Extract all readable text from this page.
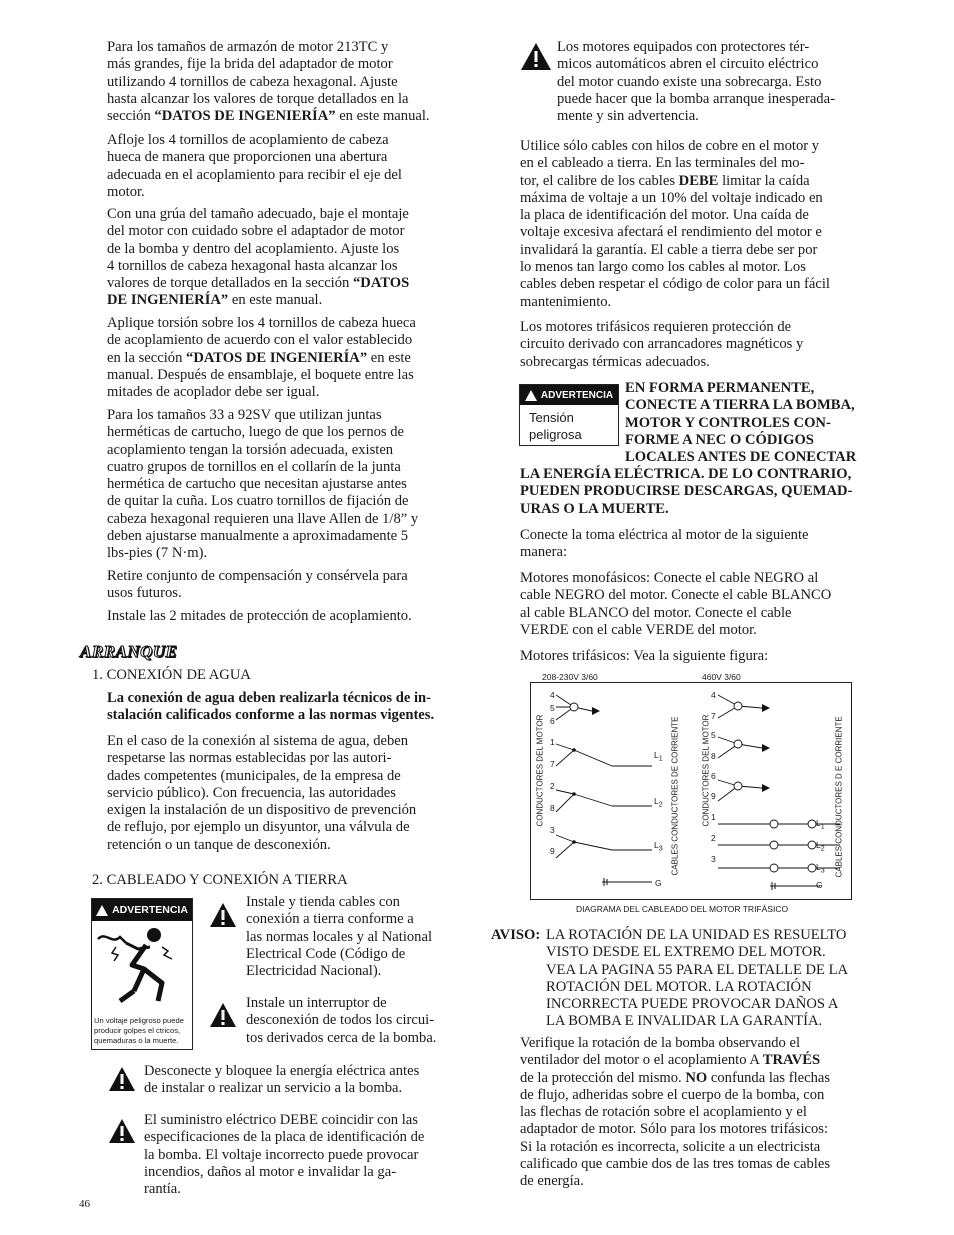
Para los tamaños de armazón de motor 213TC y
más grandes, fije la brida del adaptador de motor
utilizando 4 tornillos de cabeza hexagonal. Ajuste
hasta alcanzar los valores de torque detallados en la
sección “DATOS DE INGENIERÍA” en este manual.

Afloje los 4 tornillos de acoplamiento de cabeza
hueca de manera que proporcionen una abertura
adecuada en el acoplamiento para recibir el eje del
motor.

Con una grúa del tamaño adecuado, baje el montaje
del motor con cuidado sobre el adaptador de motor
de la bomba y dentro del acoplamiento. Ajuste los
4 tornillos de cabeza hexagonal hasta alcanzar los
valores de torque detallados en la sección “DATOS
DE INGENIERÍA” en este manual.

Aplique torsión sobre los 4 tornillos de cabeza hueca
de acoplamiento de acuerdo con el valor establecido
en la sección “DATOS DE INGENIERÍA” en este
manual. Después de ensamblaje, el boquete entre las
mitades de acoplador debe ser igual.

Para los tamaños 33 a 92SV que utilizan juntas
herméticas de cartucho, luego de que los pernos de
acoplamiento tengan la torsión adecuada, existen
cuatro grupos de tornillos en el collarín de la junta
hermética de cartucho que necesitan ajustarse antes
de quitar la cuña. Los cuatro tornillos de fijación de
cabeza hexagonal requieren una llave Allen de 1/8” y
deben ajustarse manualmente a aproximadamente 5
lbs-pies (7 N·m).

Retire conjunto de compensación y consérvela para
usos futuros.

Instale las 2 mitades de protección de acoplamiento.

ARRANQUE

1. CONEXIÓN DE AGUA

La conexión de agua deben realizarla técnicos de in-
stalación calificados conforme a las normas vigentes.

En el caso de la conexión al sistema de agua, deben
respetarse las normas establecidas por las autori-
dades competentes (municipales, de la empresa de
servicio público). Con frecuencia, las autoridades
exigen la instalación de un dispositivo de prevención
de reflujo, por ejemplo un disyuntor, una válvula de
retención o un tanque de desconexión.

2. CABLEADO Y CONEXIÓN A TIERRA

ADVERTENCIA
Un voltaje peligroso puede
producir golpes el ctricos,
quemaduras o la muerte.

Instale y tienda cables con
conexión a tierra conforme a
las normas locales y al National
Electrical Code (Código de
Electricidad Nacional).

Instale un interruptor de
desconexión de todos los circui-
tos derivados cerca de la bomba.

Desconecte y bloquee la energía eléctrica antes
de instalar o realizar un servicio a la bomba.

El suministro eléctrico DEBE coincidir con las
especificaciones de la placa de identificación de
la bomba. El voltaje incorrecto puede provocar
incendios, daños al motor e invalidar la ga-
rantía.

46

Los motores equipados con protectores tér-
micos automáticos abren el circuito eléctrico
del motor cuando existe una sobrecarga. Esto
puede hacer que la bomba arranque inesperada-
mente y sin advertencia.

Utilice sólo cables con hilos de cobre en el motor y
en el cableado a tierra. En las terminales del mo-
tor, el calibre de los cables DEBE limitar la caída
máxima de voltaje a un 10% del voltaje indicado en
la placa de identificación del motor. Una caída de
voltaje excesiva afectará el rendimiento del motor e
invalidará la garantía. El cable a tierra debe ser por
lo menos tan largo como los cables al motor. Los
cables deben respetar el código de color para un fácil
mantenimiento.

Los motores trifásicos requieren protección de
circuito derivado con arrancadores magnéticos y
sobrecargas térmicas adecuados.

ADVERTENCIA
Tensión
peligrosa

EN FORMA PERMANENTE,
CONECTE A TIERRA LA BOMBA,
MOTOR Y CONTROLES CON-
FORME A NEC O CÓDIGOS
LOCALES ANTES DE CONECTAR

LA ENERGÍA ELÉCTRICA. DE LO CONTRARIO,
PUEDEN PRODUCIRSE DESCARGAS, QUEMAD-
URAS O LA MUERTE.

Conecte la toma eléctrica al motor de la siguiente
manera:

Motores monofásicos: Conecte el cable NEGRO al
cable NEGRO del motor. Conecte el cable BLANCO
al cable BLANCO del motor. Conecte el cable
VERDE con el cable VERDE del motor.

Motores trifásicos: Vea la siguiente figura:

208-230V 3/60	460V 3/60
4
5
6
1
7
2
8
3
9
4
7
5
8
6
9
1
2
3
$L_1$
$L_2$
$L_3$
G
$L_1$
$L_2$
$L_3$
G
CONDUCTORES DEL MOTOR	CABLES CONDUCTORES DE CORRIENTE	CONDUCTORES DEL MOTOR	CABLES CONDUCTORES D E CORRIENTE
DIAGRAMA DEL CABLEADO DEL MOTOR TRIFÁSICO

AVISO: LA ROTACIÓN DE LA UNIDAD ES RESUELTO
VISTO DESDE EL EXTREMO DEL MOTOR.
VEA LA PAGINA 55 PARA EL DETALLE DE LA
ROTACIÓN DEL MOTOR. LA ROTACIÓN
INCORRECTA PUEDE PROVOCAR DAÑOS A
LA BOMBA E INVALIDAR LA GARANTÍA.

Verifique la rotación de la bomba observando el
ventilador del motor o el acoplamiento A TRAVÉS
de la protección del mismo. NO confunda las flechas
de flujo, adheridas sobre el cuerpo de la bomba, con
las flechas de rotación sobre el acoplamiento y el
adaptador de motor. Sólo para los motores trifásicos:
Si la rotación es incorrecta, solicite a un electricista
calificado que cambie dos de las tres tomas de cables
de energía.
